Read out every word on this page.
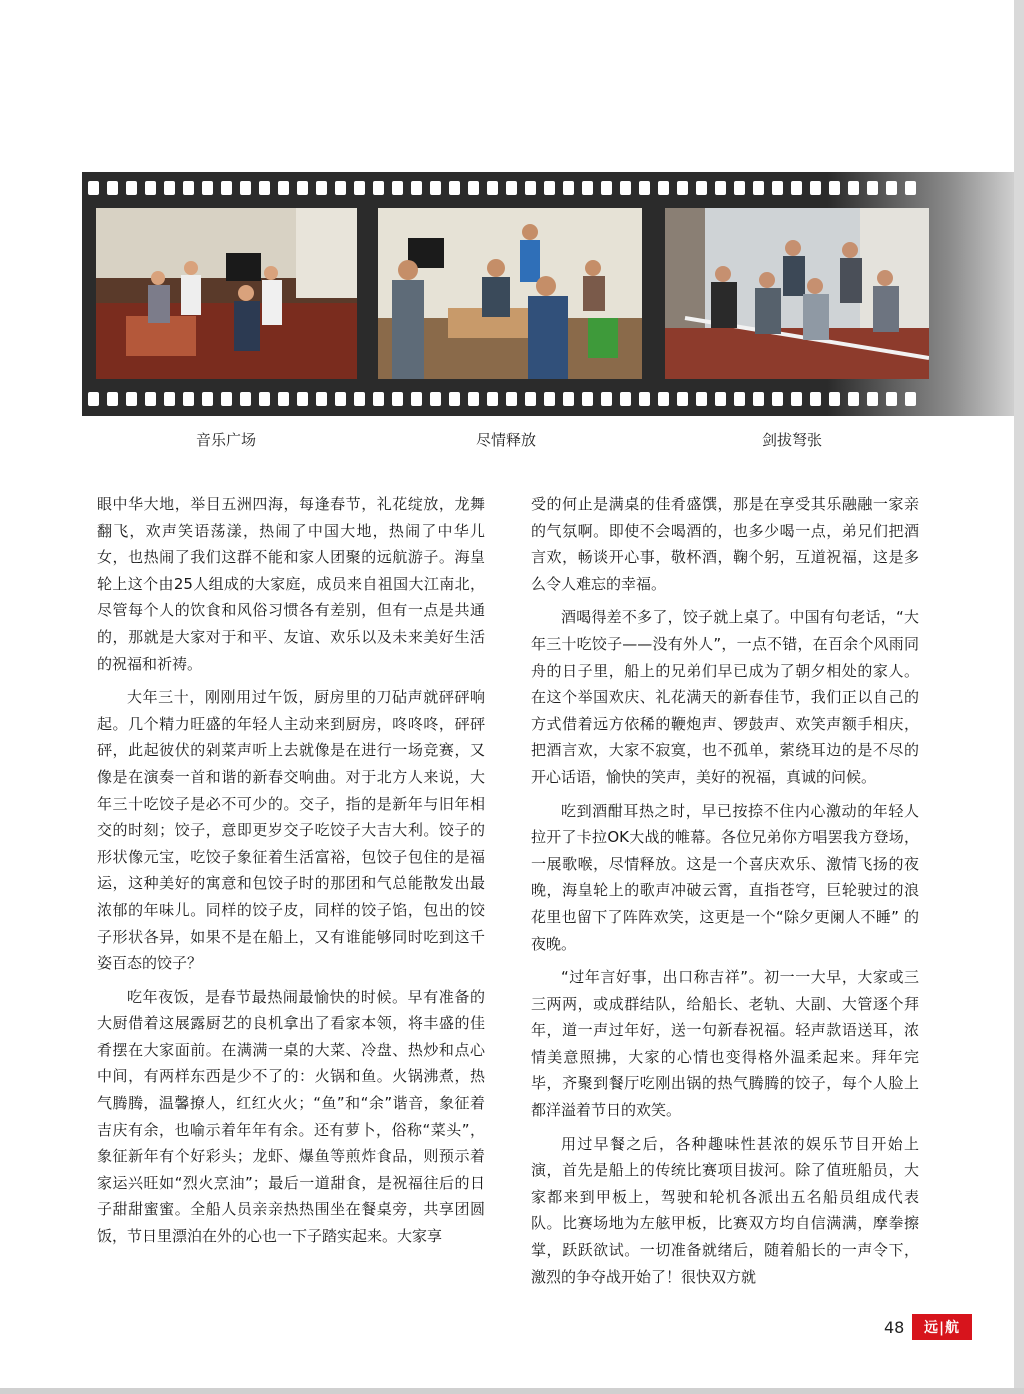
音乐广场	尽情释放	剑拔弩张

眼中华大地，举目五洲四海，每逢春节，礼花绽放，龙舞翻飞，欢声笑语荡漾，热闹了中国大地，热闹了中华儿女，也热闹了我们这群不能和家人团聚的远航游子。海皇轮上这个由25人组成的大家庭，成员来自祖国大江南北，尽管每个人的饮食和风俗习惯各有差别，但有一点是共通的，那就是大家对于和平、友谊、欢乐以及未来美好生活的祝福和祈祷。

大年三十，刚刚用过午饭，厨房里的刀砧声就砰砰响起。几个精力旺盛的年轻人主动来到厨房，咚咚咚，砰砰砰，此起彼伏的剁菜声听上去就像是在进行一场竞赛，又像是在演奏一首和谐的新春交响曲。对于北方人来说，大年三十吃饺子是必不可少的。交子，指的是新年与旧年相交的时刻；饺子，意即更岁交子吃饺子大吉大利。饺子的形状像元宝，吃饺子象征着生活富裕，包饺子包住的是福运，这种美好的寓意和包饺子时的那团和气总能散发出最浓郁的年味儿。同样的饺子皮，同样的饺子馅，包出的饺子形状各异，如果不是在船上，又有谁能够同时吃到这千姿百态的饺子？

吃年夜饭，是春节最热闹最愉快的时候。早有准备的大厨借着这展露厨艺的良机拿出了看家本领，将丰盛的佳肴摆在大家面前。在满满一桌的大菜、冷盘、热炒和点心中间，有两样东西是少不了的：火锅和鱼。火锅沸煮，热气腾腾，温馨撩人，红红火火；“鱼”和“余”谐音，象征着吉庆有余，也喻示着年年有余。还有萝卜，俗称“菜头”，象征新年有个好彩头；龙虾、爆鱼等煎炸食品，则预示着家运兴旺如“烈火烹油”；最后一道甜食，是祝福往后的日子甜甜蜜蜜。全船人员亲亲热热围坐在餐桌旁，共享团圆饭，节日里漂泊在外的心也一下子踏实起来。大家享

受的何止是满桌的佳肴盛馔，那是在享受其乐融融一家亲的气氛啊。即使不会喝酒的，也多少喝一点，弟兄们把酒言欢，畅谈开心事，敬杯酒，鞠个躬，互道祝福，这是多么令人难忘的幸福。

酒喝得差不多了，饺子就上桌了。中国有句老话，“大年三十吃饺子——没有外人”，一点不错，在百余个风雨同舟的日子里，船上的兄弟们早已成为了朝夕相处的家人。在这个举国欢庆、礼花满天的新春佳节，我们正以自己的方式借着远方依稀的鞭炮声、锣鼓声、欢笑声额手相庆，把酒言欢，大家不寂寞，也不孤单，萦绕耳边的是不尽的开心话语，愉快的笑声，美好的祝福，真诚的问候。

吃到酒酣耳热之时，早已按捺不住内心激动的年轻人拉开了卡拉OK大战的帷幕。各位兄弟你方唱罢我方登场，一展歌喉，尽情释放。这是一个喜庆欢乐、激情飞扬的夜晚，海皇轮上的歌声冲破云霄，直指苍穹，巨轮驶过的浪花里也留下了阵阵欢笑，这更是一个“除夕更阑人不睡” 的夜晚。

“过年言好事，出口称吉祥”。初一一大早，大家或三三两两，或成群结队，给船长、老轨、大副、大管逐个拜年，道一声过年好，送一句新春祝福。轻声款语送耳，浓情美意照拂，大家的心情也变得格外温柔起来。拜年完毕，齐聚到餐厅吃刚出锅的热气腾腾的饺子，每个人脸上都洋溢着节日的欢笑。

用过早餐之后，各种趣味性甚浓的娱乐节目开始上演，首先是船上的传统比赛项目拔河。除了值班船员，大家都来到甲板上，驾驶和轮机各派出五名船员组成代表队。比赛场地为左舷甲板，比赛双方均自信满满，摩拳擦掌，跃跃欲试。一切准备就绪后，随着船长的一声令下，激烈的争夺战开始了！很快双方就

48	远|航
